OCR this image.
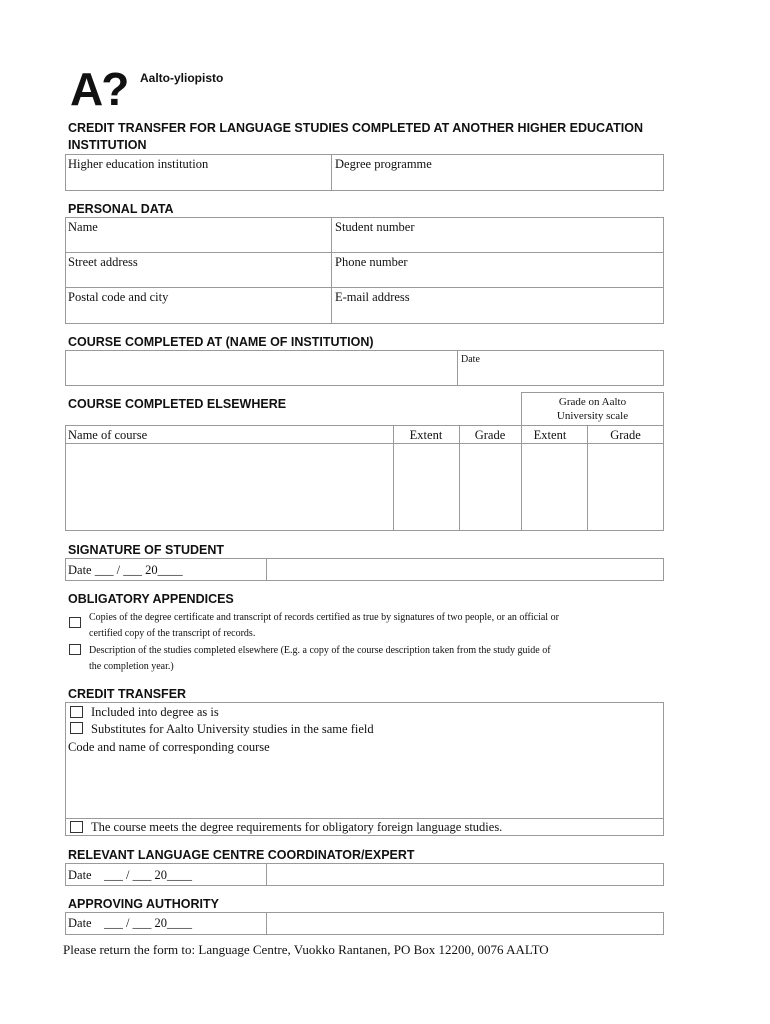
A? Aalto-yliopisto
CREDIT TRANSFER FOR LANGUAGE STUDIES COMPLETED AT ANOTHER HIGHER EDUCATION
INSTITUTION
Higher education institution	Degree programme
PERSONAL DATA
Name	Student number
Street address	Phone number
Postal code and city	E-mail address
COURSE COMPLETED AT (NAME OF INSTITUTION)
Date
COURSE COMPLETED ELSEWHERE	Grade on Aalto
University scale
Name of course	Extent	Grade	Extent	Grade
SIGNATURE OF STUDENT
Date ___ / ___ 20____
OBLIGATORY APPENDICES
Copies of the degree certificate and transcript of records certified as true by signatures of two people, or an official or
certified copy of the transcript of records.
Description of the studies completed elsewhere (E.g. a copy of the course description taken from the study guide of
the completion year.)
CREDIT TRANSFER
Included into degree as is
Substitutes for Aalto University studies in the same field
Code and name of corresponding course
The course meets the degree requirements for obligatory foreign language studies.
RELEVANT LANGUAGE CENTRE COORDINATOR/EXPERT
Date    ___ / ___ 20____
APPROVING AUTHORITY
Date    ___ / ___ 20____
Please return the form to: Language Centre, Vuokko Rantanen, PO Box 12200, 0076 AALTO
